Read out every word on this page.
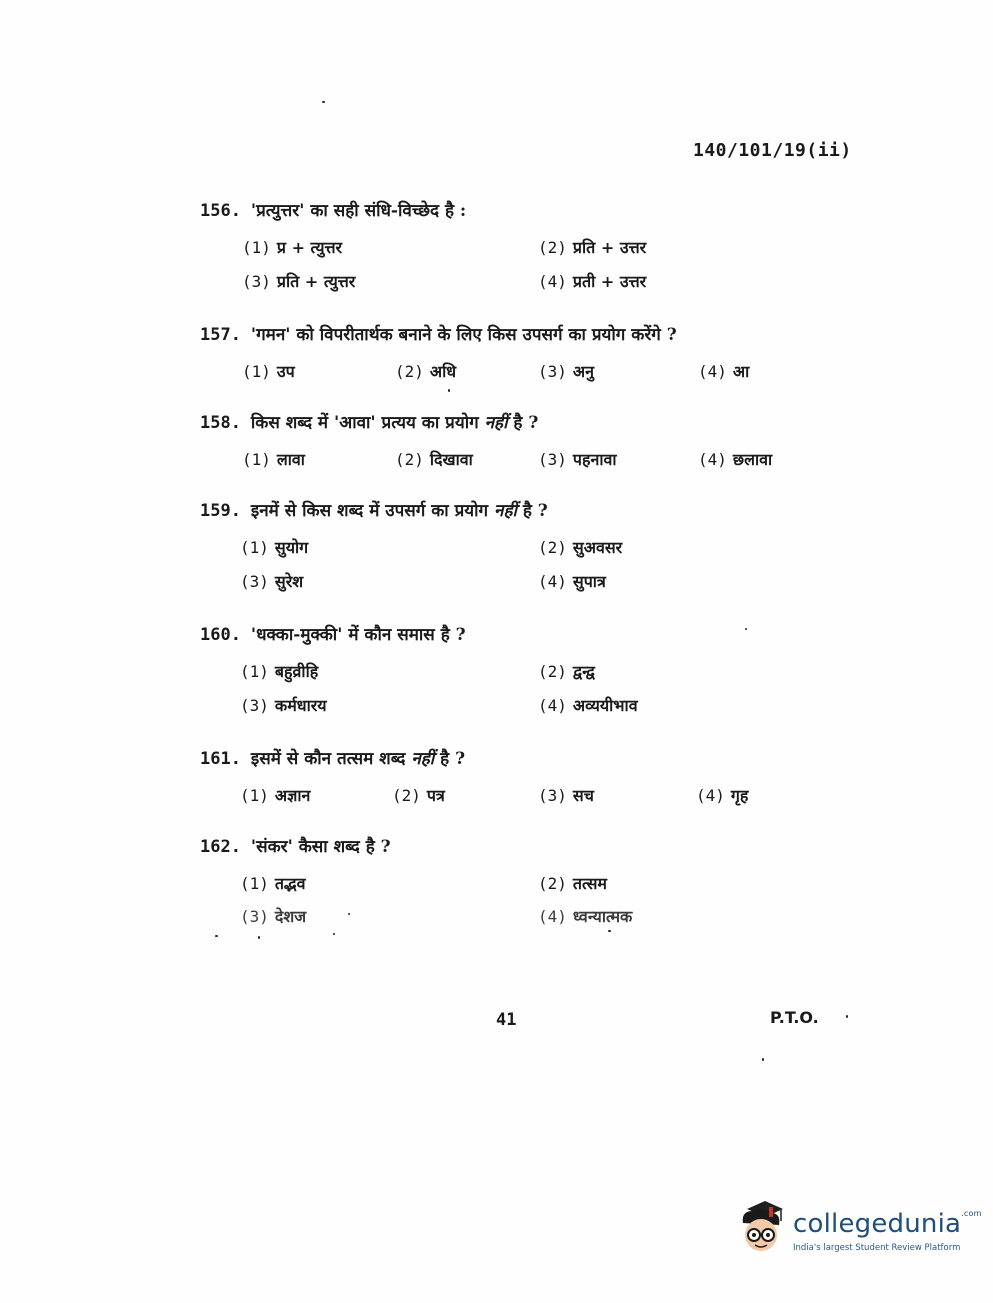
140/101/19(ii)
156. 'प्रत्युत्तर' का सही संधि-विच्छेद है :
(1) प्र + त्युत्तर	(2) प्रति + उत्तर
(3) प्रति + त्युत्तर	(4) प्रती + उत्तर
157. 'गमन' को विपरीतार्थक बनाने के लिए किस उपसर्ग का प्रयोग करेंगे ?
(1) उप	(2) अधि	(3) अनु	(4) आ
158. किस शब्द में 'आवा' प्रत्यय का प्रयोग नहीं है ?
(1) लावा	(2) दिखावा	(3) पहनावा	(4) छलावा
159. इनमें से किस शब्द में उपसर्ग का प्रयोग नहीं है ?
(1) सुयोग	(2) सुअवसर
(3) सुरेश	(4) सुपात्र
160. 'धक्का-मुक्की' में कौन समास है ?
(1) बहुव्रीहि	(2) द्वन्द्व
(3) कर्मधारय	(4) अव्ययीभाव
161. इसमें से कौन तत्सम शब्द नहीं है ?
(1) अज्ञान	(2) पत्र	(3) सच	(4) गृह
162. 'संकर' कैसा शब्द है ?
(1) तद्भव	(2) तत्सम
(3) देशज	(4) ध्वन्यात्मक
41	P.T.O.
collegedunia$^{.com}$
India's largest Student Review Platform
